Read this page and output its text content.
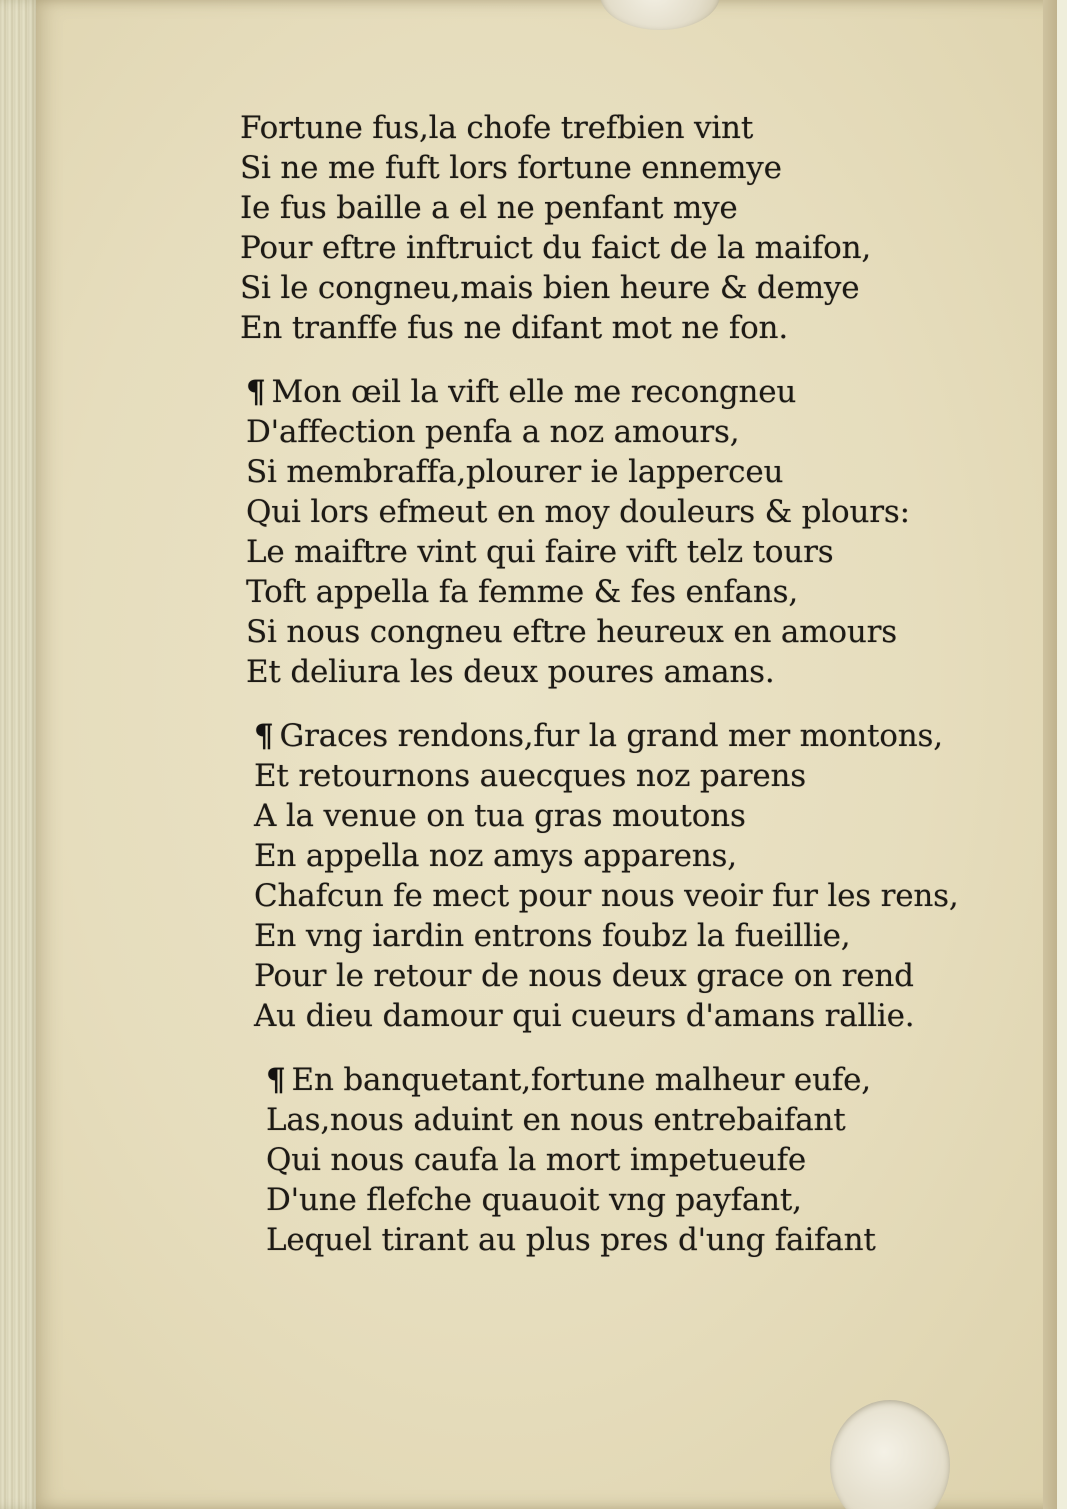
Fortune fus,la chofe trefbien vint
Si ne me fuft lors fortune ennemye
Ie fus baille a el ne penfant mye
Pour eftre inftruict du faict de la maifon,
Si le congneu,mais bien heure & demye
En tranffe fus ne difant mot ne fon.
¶ Mon œil la vift elle me recongneu
D'affection penfa a noz amours,
Si membraffa,plourer ie lapperceu
Qui lors efmeut en moy douleurs & plours:
Le maiftre vint qui faire vift telz tours
Toft appella fa femme & fes enfans,
Si nous congneu eftre heureux en amours
Et deliura les deux poures amans.
¶ Graces rendons,fur la grand mer montons,
Et retournons auecques noz parens
A la venue on tua gras moutons
En appella noz amys apparens,
Chafcun fe mect pour nous veoir fur les rens,
En vng iardin entrons foubz la fueillie,
Pour le retour de nous deux grace on rend
Au dieu damour qui cueurs d'amans rallie.
¶ En banquetant,fortune malheur eufe,
Las,nous aduint en nous entrebaifant
Qui nous caufa la mort impetueufe
D'une flefche quauoit vng payfant,
Lequel tirant au plus pres d'ung faifant
